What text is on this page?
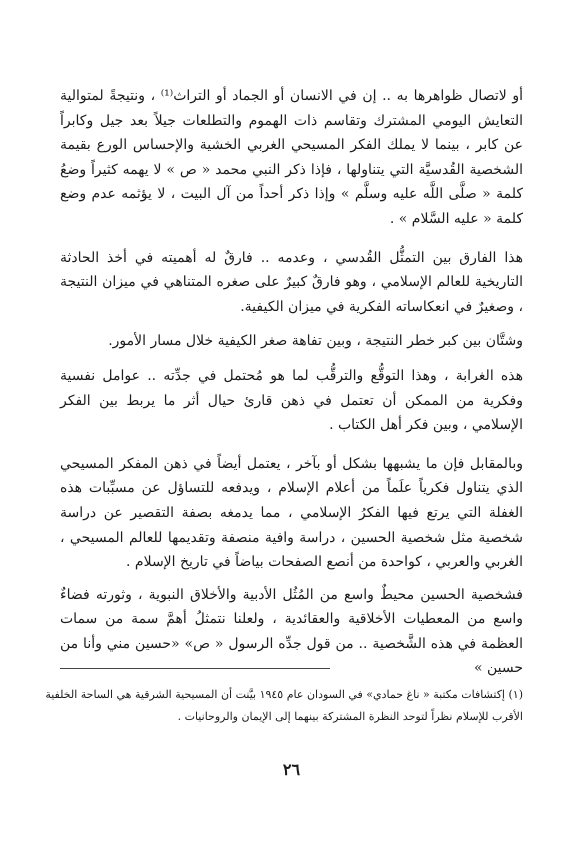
أو لاتصال ظواهرها به .. إن في الانسان أو الجماد أو التراث⁽¹⁾ ، ونتيجةً لمتوالية التعايش اليومي المشترك وتقاسم ذات الهموم والتطلعات جيلاً بعد جيل وكابراً عن كابر ، بينما لا يملك الفكر المسيحي الغربي الخشية والإحساس الورع بقيمة الشخصية القُدسيَّة التي يتناولها ، فإذا ذكر النبي محمد « ص » لا يهمه كثيراً وضعُ كلمة « صلَّى اللَّه عليه وسلَّم » وإذا ذكر أحداً من آل البيت ، لا يؤثمه عدم وضع كلمة « عليه السَّلام » .

هذا الفارق بين التمثُّل القُدسي ، وعدمه .. فارقٌ له أهميته في أخذ الحادثة التاريخية للعالم الإسلامي ، وهو فارقٌ كبيرٌ على صغره المتناهي في ميزان النتيجة ، وصغيرٌ في انعكاساته الفكرية في ميزان الكيفية.

وشتَّان بين كبر خطر النتيجة ، وبين تفاهة صغر الكيفية خلال مسار الأمور.

هذه الغرابة ، وهذا التوقُّع والترقُّب لما هو مُحتمل في جدِّته .. عوامل نفسية وفكرية من الممكن أن تعتمل في ذهن قارئ حيال أثر ما يربط بين الفكر الإسلامي ، وبين فكر أهل الكتاب .

وبالمقابل فإن ما يشبهها بشكل أو بآخر ، يعتمل أيضاً في ذهن المفكر المسيحي الذي يتناول فكرياً علَماً من أعلام الإسلام ، ويدفعه للتساؤل عن مسبِّبات هذه الغفلة التي يرتع فيها الفكرُ الإسلامي ، مما يدمغه بصفة التقصير عن دراسة شخصية مثل شخصية الحسين ، دراسة وافية منصفة وتقديمها للعالم المسيحي ، الغربي والعربي ، كواحدة من أنصع الصفحات بياضاً في تاريخ الإسلام .

فشخصية الحسين محيطٌ واسع من المُثُل الأدبية والأخلاق النبوية ، وثورته فضاءٌ واسع من المعطيات الأخلاقية والعقائدية ، ولعلنا نتمثلُ أهمَّ سمة من سمات العظمة في هذه الشَّخصية .. من قول جدِّه الرسول « ص» «حسين مني وأنا من حسين »

(١) إكتشافات مكتبة « ناغ حمادي» في السودان عام ١٩٤٥ بيَّنت أن المسيحية الشرقية هي الساحة الخلفية
الأقرب للإسلام نظراً لتوحد النظرة المشتركة بينهما إلى الإيمان والروحانيات .
٢٦
